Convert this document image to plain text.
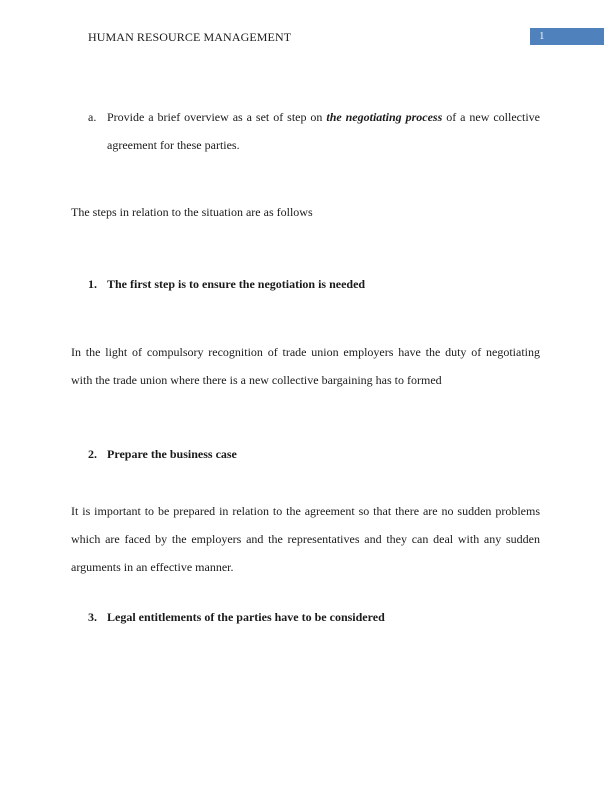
HUMAN RESOURCE MANAGEMENT	1
a. Provide a brief overview as a set of step on the negotiating process of a new collective
agreement for these parties.
The steps in relation to the situation are as follows
1. The first step is to ensure the negotiation is needed
In the light of compulsory recognition of trade union employers have the duty of negotiating
with the trade union where there is a new collective bargaining has to formed
2. Prepare the business case
It is important to be prepared in relation to the agreement so that there are no sudden problems
which are faced by the employers and the representatives and they can deal with any sudden
arguments in an effective manner.
3. Legal entitlements of the parties have to be considered
